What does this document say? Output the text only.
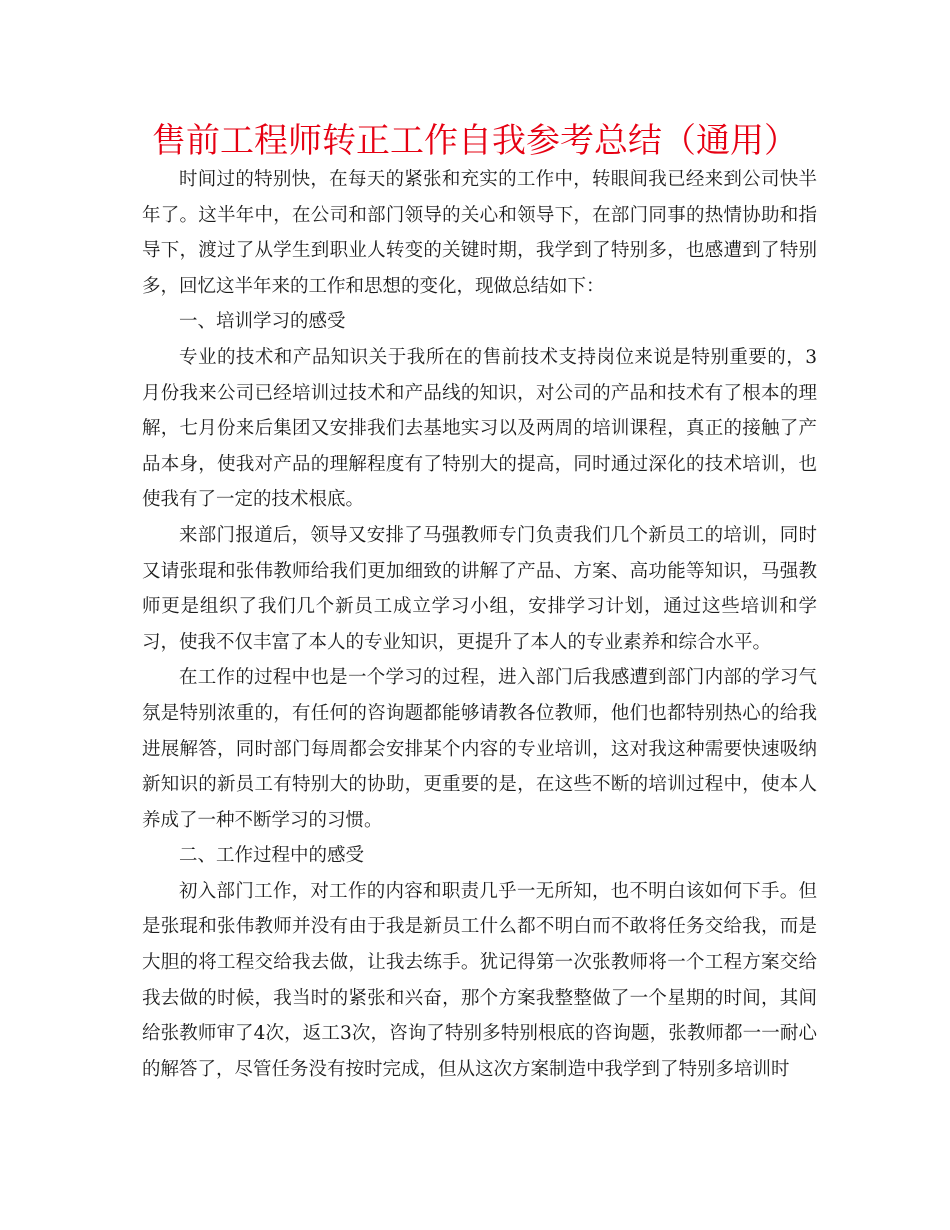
售前工程师转正工作自我参考总结（通用）

时间过的特别快，在每天的紧张和充实的工作中，转眼间我已经来到公司快半年了。这半年中，在公司和部门领导的关心和领导下，在部门同事的热情协助和指导下，渡过了从学生到职业人转变的关键时期，我学到了特别多，也感遭到了特别多，回忆这半年来的工作和思想的变化，现做总结如下：

一、培训学习的感受

专业的技术和产品知识关于我所在的售前技术支持岗位来说是特别重要的，3月份我来公司已经培训过技术和产品线的知识，对公司的产品和技术有了根本的理解，七月份来后集团又安排我们去基地实习以及两周的培训课程，真正的接触了产品本身，使我对产品的理解程度有了特别大的提高，同时通过深化的技术培训，也使我有了一定的技术根底。

来部门报道后，领导又安排了马强教师专门负责我们几个新员工的培训，同时又请张琨和张伟教师给我们更加细致的讲解了产品、方案、高功能等知识，马强教师更是组织了我们几个新员工成立学习小组，安排学习计划，通过这些培训和学习，使我不仅丰富了本人的专业知识，更提升了本人的专业素养和综合水平。

在工作的过程中也是一个学习的过程，进入部门后我感遭到部门内部的学习气氛是特别浓重的，有任何的咨询题都能够请教各位教师，他们也都特别热心的给我进展解答，同时部门每周都会安排某个内容的专业培训，这对我这种需要快速吸纳新知识的新员工有特别大的协助，更重要的是，在这些不断的培训过程中，使本人养成了一种不断学习的习惯。

二、工作过程中的感受

初入部门工作，对工作的内容和职责几乎一无所知，也不明白该如何下手。但是张琨和张伟教师并没有由于我是新员工什么都不明白而不敢将任务交给我，而是大胆的将工程交给我去做，让我去练手。犹记得第一次张教师将一个工程方案交给我去做的时候，我当时的紧张和兴奋，那个方案我整整做了一个星期的时间，其间给张教师审了4次，返工3次，咨询了特别多特别根底的咨询题，张教师都一一耐心的解答了，尽管任务没有按时完成，但从这次方案制造中我学到了特别多培训时
